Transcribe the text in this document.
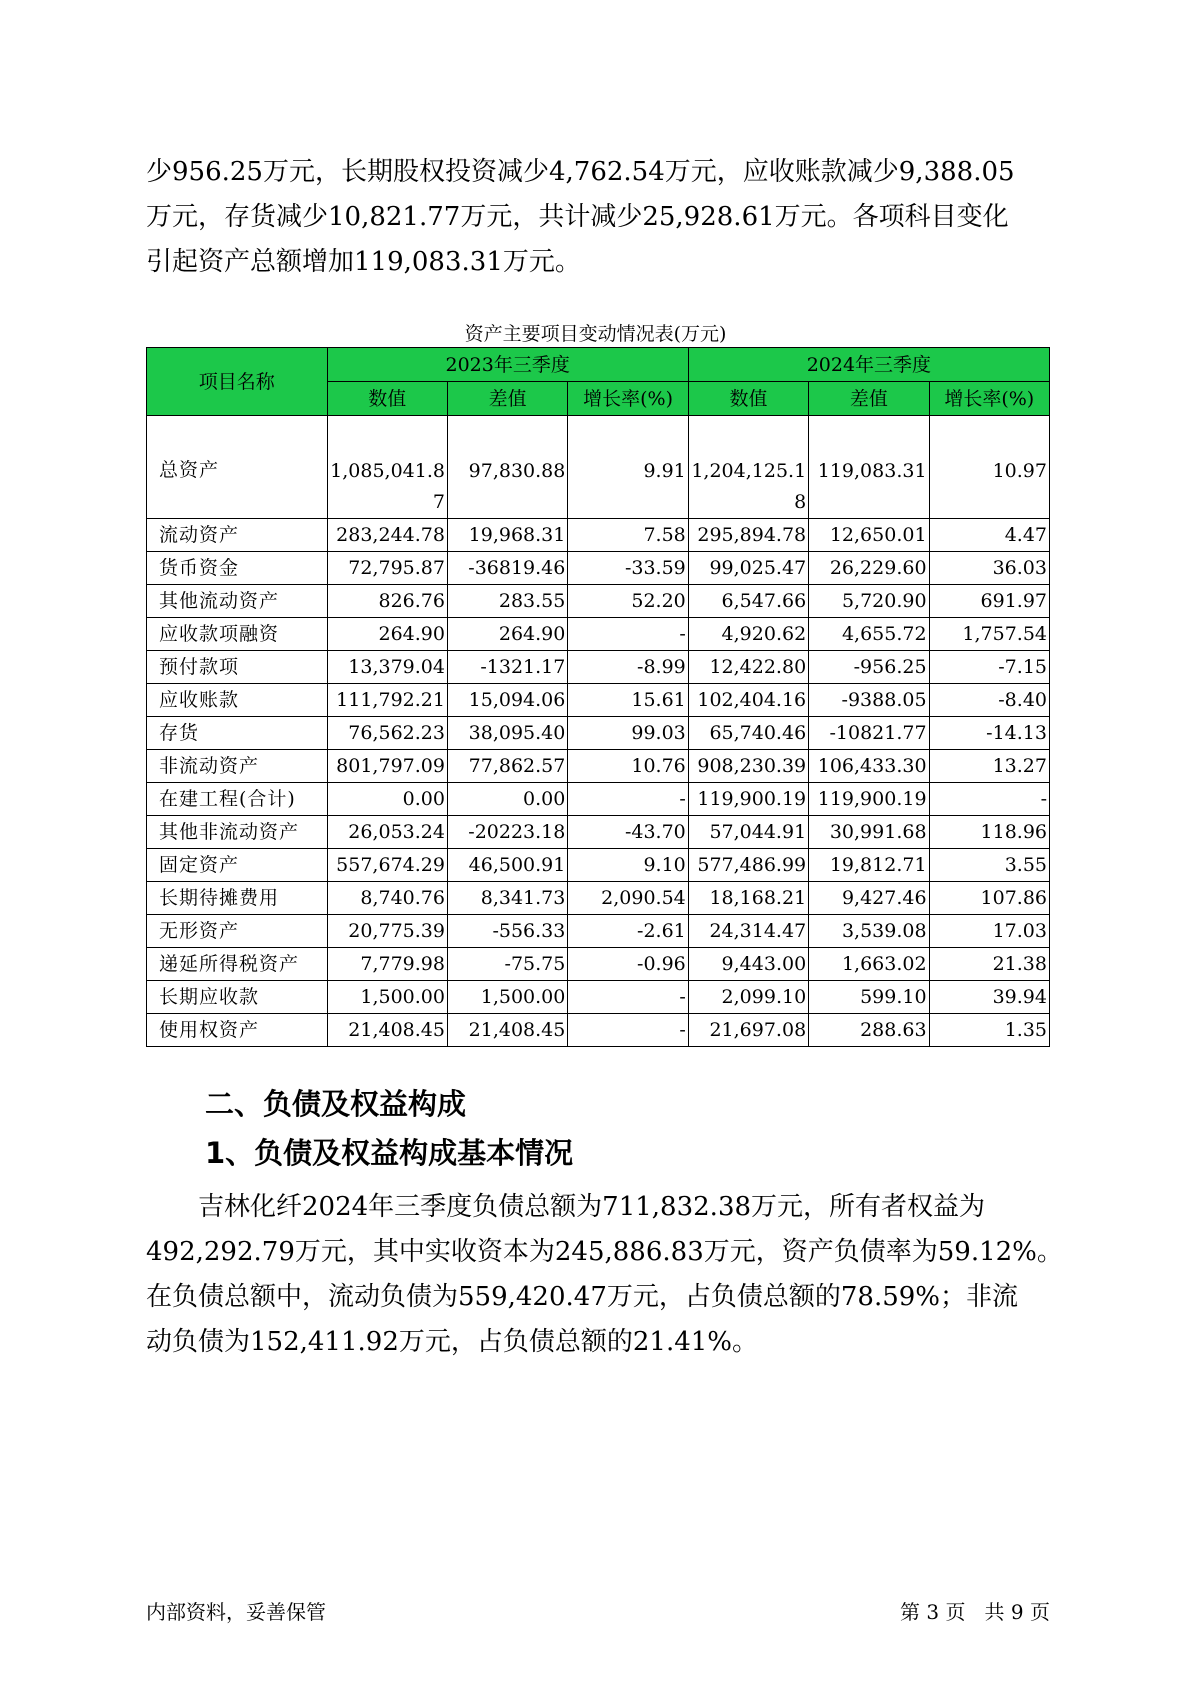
少956.25万元，长期股权投资减少4,762.54万元，应收账款减少9,388.05
万元，存货减少10,821.77万元，共计减少25,928.61万元。各项科目变化
引起资产总额增加119,083.31万元。

资产主要项目变动情况表(万元)
项目名称	2023年三季度			2024年三季度		
	数值	差值	增长率(%)	数值	差值	增长率(%)
总资产	1,085,041.87	97,830.88	9.91	1,204,125.18	119,083.31	10.97
流动资产	283,244.78	19,968.31	7.58	295,894.78	12,650.01	4.47
货币资金	72,795.87	-36819.46	-33.59	99,025.47	26,229.60	36.03
其他流动资产	826.76	283.55	52.20	6,547.66	5,720.90	691.97
应收款项融资	264.90	264.90	-	4,920.62	4,655.72	1,757.54
预付款项	13,379.04	-1321.17	-8.99	12,422.80	-956.25	-7.15
应收账款	111,792.21	15,094.06	15.61	102,404.16	-9388.05	-8.40
存货	76,562.23	38,095.40	99.03	65,740.46	-10821.77	-14.13
非流动资产	801,797.09	77,862.57	10.76	908,230.39	106,433.30	13.27
在建工程(合计)	0.00	0.00	-	119,900.19	119,900.19	-
其他非流动资产	26,053.24	-20223.18	-43.70	57,044.91	30,991.68	118.96
固定资产	557,674.29	46,500.91	9.10	577,486.99	19,812.71	3.55
长期待摊费用	8,740.76	8,341.73	2,090.54	18,168.21	9,427.46	107.86
无形资产	20,775.39	-556.33	-2.61	24,314.47	3,539.08	17.03
递延所得税资产	7,779.98	-75.75	-0.96	9,443.00	1,663.02	21.38
长期应收款	1,500.00	1,500.00	-	2,099.10	599.10	39.94
使用权资产	21,408.45	21,408.45	-	21,697.08	288.63	1.35
二、负债及权益构成
1、负债及权益构成基本情况

吉林化纤2024年三季度负债总额为711,832.38万元，所有者权益为
492,292.79万元，其中实收资本为245,886.83万元，资产负债率为59.12%。
在负债总额中，流动负债为559,420.47万元，占负债总额的78.59%；非流
动负债为152,411.92万元，占负债总额的21.41%。

内部资料，妥善保管	第 3 页   共 9 页
